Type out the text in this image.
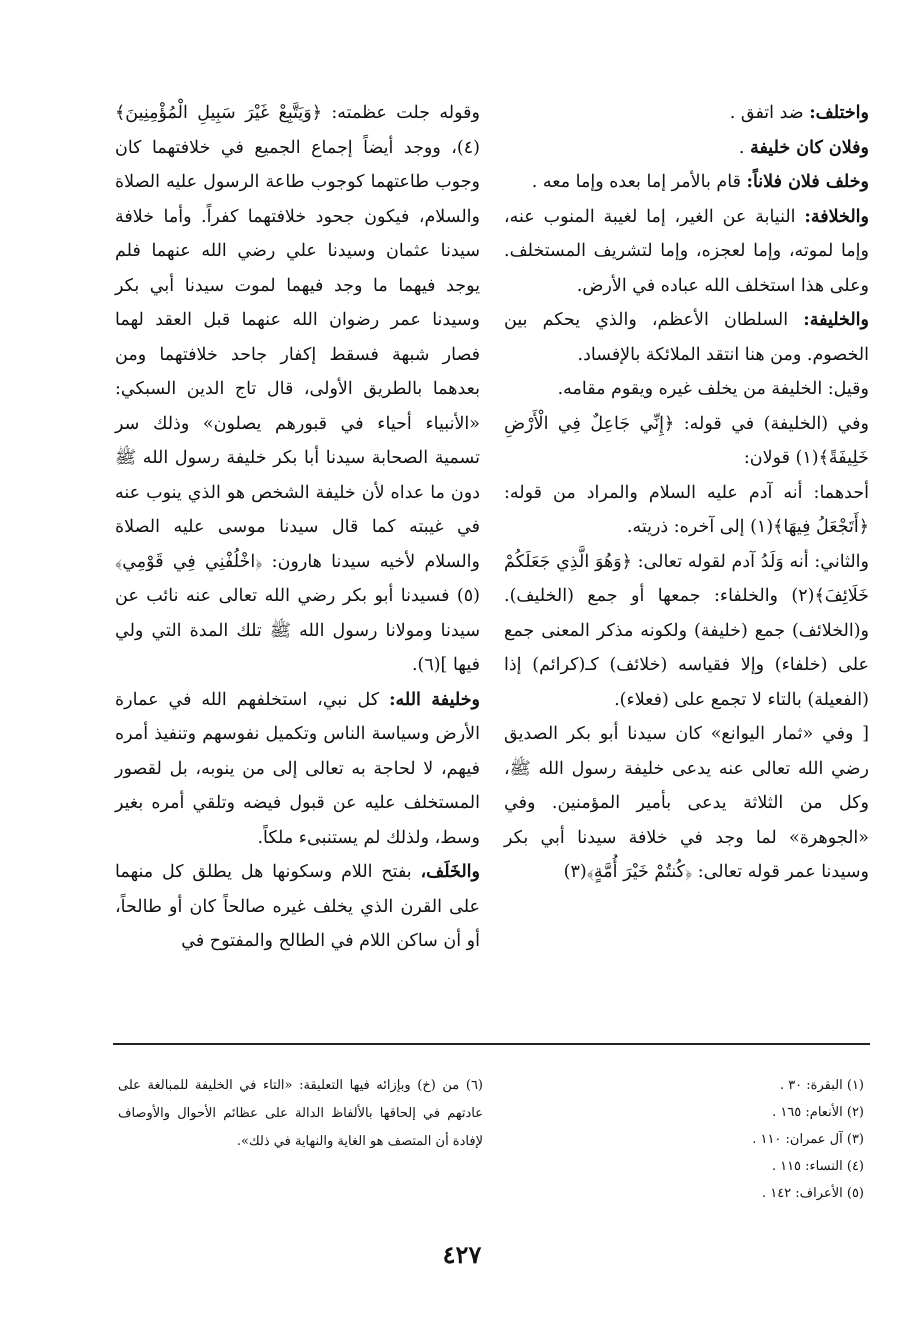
واختلف: ضد اتفق .

وفلان كان خليفة .

وخلف فلان فلاناً: قام بالأمر إما بعده وإما معه .

والخلافة: النيابة عن الغير، إما لغيبة المنوب عنه، وإما لموته، وإما لعجزه، وإما لتشريف المستخلف. وعلى هذا استخلف الله عباده في الأرض.

والخليفة: السلطان الأعظم، والذي يحكم بين الخصوم. ومن هنا انتقد الملائكة بالإفساد.

وقيل: الخليفة من يخلف غيره ويقوم مقامه.

وفي (الخليفة) في قوله: ﴿إِنِّي جَاعِلٌ فِي الْأَرْضِ خَلِيفَةً﴾(١) قولان:

أحدهما: أنه آدم عليه السلام والمراد من قوله: ﴿أَتَجْعَلُ فِيهَا﴾(١) إلى آخره: ذريته.

والثاني: أنه وَلَدُ آدم لقوله تعالى: ﴿وَهُوَ الَّذِي جَعَلَكُمْ خَلَائِفَ﴾(٢) والخلفاء: جمعها أو جمع (الخليف). و(الخلائف) جمع (خليفة) ولكونه مذكر المعنى جمع على (خلفاء) وإلا فقياسه (خلائف) كـ(كرائم) إذا (الفعيلة) بالتاء لا تجمع على (فعلاء).

[ وفي «ثمار اليوانع» كان سيدنا أبو بكر الصديق رضي الله تعالى عنه يدعى خليفة رسول الله ﷺ، وكل من الثلاثة يدعى بأمير المؤمنين. وفي «الجوهرة» لما وجد في خلافة سيدنا أبي بكر وسيدنا عمر قوله تعالى: ﴿كُنتُمْ خَيْرَ أُمَّةٍ﴾(٣)

وقوله جلت عظمته: ﴿وَيَتَّبِعْ غَيْرَ سَبِيلِ الْمُؤْمِنِينَ﴾(٤)، ووجد أيضاً إجماع الجميع في خلافتهما كان وجوب طاعتهما كوجوب طاعة الرسول عليه الصلاة والسلام، فيكون جحود خلافتهما كفراً. وأما خلافة سيدنا عثمان وسيدنا علي رضي الله عنهما فلم يوجد فيهما ما وجد فيهما لموت سيدنا أبي بكر وسيدنا عمر رضوان الله عنهما قبل العقد لهما فصار شبهة فسقط إكفار جاحد خلافتهما ومن بعدهما بالطريق الأولى، قال تاج الدين السبكي: «الأنبياء أحياء في قبورهم يصلون» وذلك سر تسمية الصحابة سيدنا أبا بكر خليفة رسول الله ﷺ دون ما عداه لأن خليفة الشخص هو الذي ينوب عنه في غيبته كما قال سيدنا موسى عليه الصلاة والسلام لأخيه سيدنا هارون: ﴿اخْلُفْنِي فِي قَوْمِي﴾(٥) فسيدنا أبو بكر رضي الله تعالى عنه نائب عن سيدنا ومولانا رسول الله ﷺ تلك المدة التي ولي فيها ](٦).

وخليفة الله: كل نبي، استخلفهم الله في عمارة الأرض وسياسة الناس وتكميل نفوسهم وتنفيذ أمره فيهم، لا لحاجة به تعالى إلى من ينوبه، بل لقصور المستخلف عليه عن قبول فيضه وتلقي أمره بغير وسط، ولذلك لم يستنبىء ملكاً.

والخَلَف، بفتح اللام وسكونها هل يطلق كل منهما على القرن الذي يخلف غيره صالحاً كان أو طالحاً، أو أن ساكن اللام في الطالح والمفتوح في

(١) البقرة: ٣٠ .
(٢) الأنعام: ١٦٥ .
(٣) آل عمران: ١١٠ .
(٤) النساء: ١١٥ .
(٥) الأعراف: ١٤٢ .
(٦) من (خ) وبإزائه فيها التعليقة: «التاء في الخليفة للمبالغة على عادتهم في إلحاقها بالألفاظ الدالة على عظائم الأحوال والأوصاف لإفادة أن المتصف هو الغاية والنهاية في ذلك».
٤٢٧
